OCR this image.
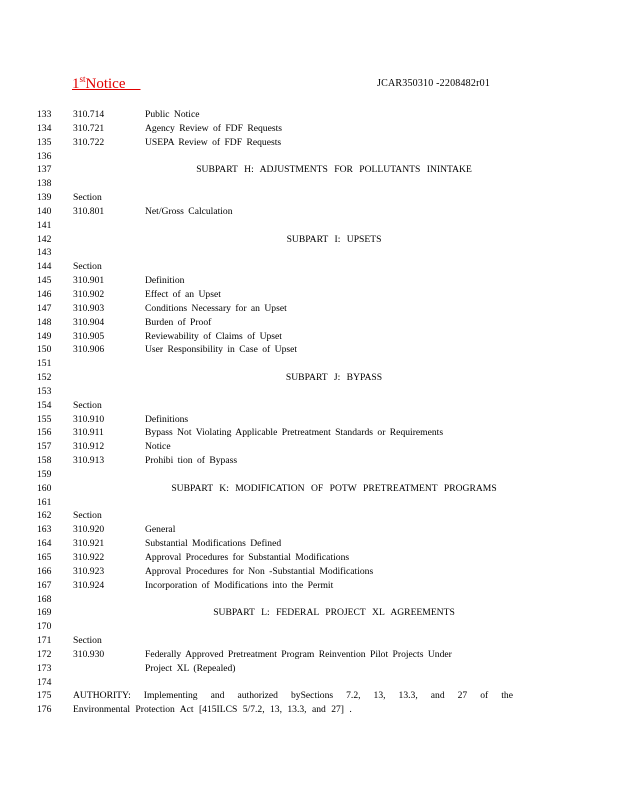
1stNotice	JCAR350310 -2208482r01
133	310.714	Public Notice
134	310.721	Agency Review of FDF Requests
135	310.722	USEPA Review of FDF Requests
136
137	SUBPART H: ADJUSTMENTS FOR POLLUTANTS ININTAKE
138
139	Section
140	310.801	Net/Gross Calculation
141
142	SUBPART I: UPSETS
143
144	Section
145	310.901	Definition
146	310.902	Effect of an Upset
147	310.903	Conditions Necessary for an Upset
148	310.904	Burden of Proof
149	310.905	Reviewability of Claims of Upset
150	310.906	User Responsibility in Case of Upset
151
152	SUBPART J: BYPASS
153
154	Section
155	310.910	Definitions
156	310.911	Bypass Not Violating Applicable Pretreatment Standards or Requirements
157	310.912	Notice
158	310.913	Prohibi tion of Bypass
159
160	SUBPART K: MODIFICATION OF POTW PRETREATMENT PROGRAMS
161
162	Section
163	310.920	General
164	310.921	Substantial Modifications Defined
165	310.922	Approval Procedures for Substantial Modifications
166	310.923	Approval Procedures for Non -Substantial Modifications
167	310.924	Incorporation of Modifications into the Permit
168
169	SUBPART L: FEDERAL PROJECT XL AGREEMENTS
170
171	Section
172	310.930	Federally Approved Pretreatment Program Reinvention Pilot Projects Under
173	Project XL (Repealed)
174
175	AUTHORITY: Implementing and authorized bySections 7.2, 13, 13.3, and 27 of the
176	Environmental Protection Act [415ILCS 5/7.2, 13, 13.3, and 27] .
